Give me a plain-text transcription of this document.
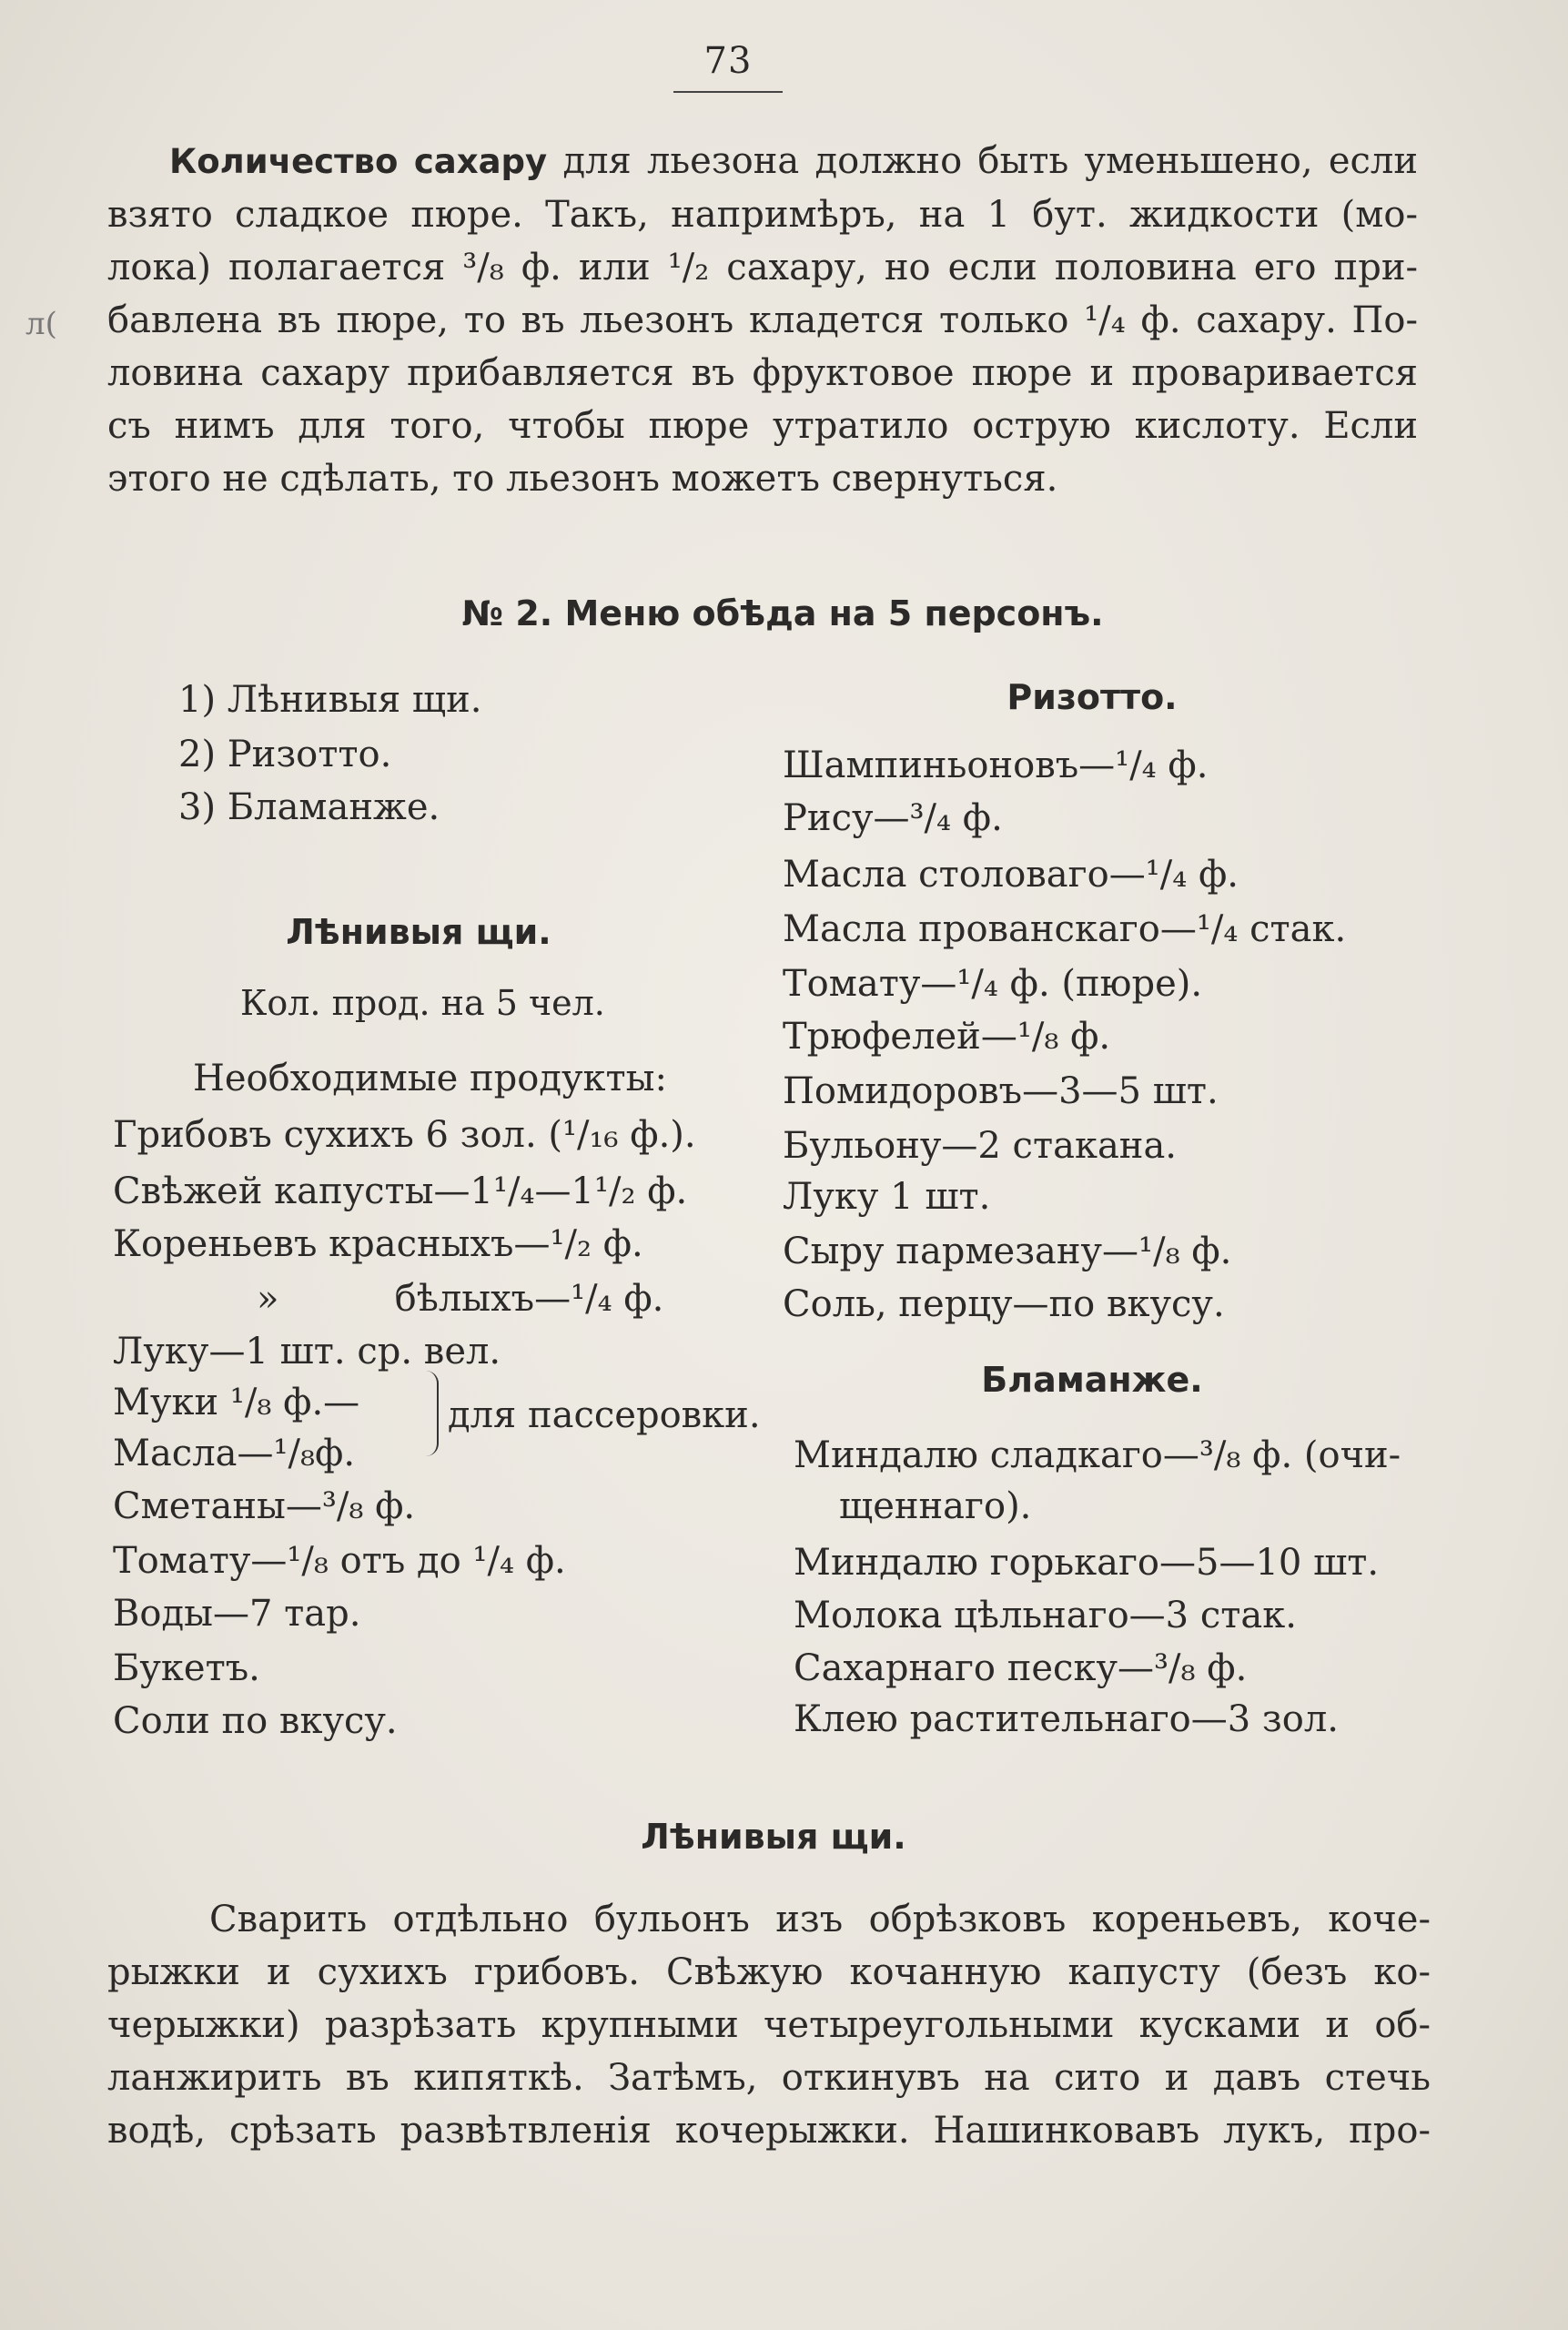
73
л(
Количество сахару для льезона должно быть уменьшено, если
взято сладкое пюре. Такъ, напримѣръ, на 1 бут. жидкости (мо-
лока) полагается ³/₈ ф. или ¹/₂ сахару, но если половина его при-
бавлена въ пюре, то въ льезонъ кладется только ¹/₄ ф. сахару. По-
ловина сахару прибавляется въ фруктовое пюре и проваривается
съ нимъ для того, чтобы пюре утратило острую кислоту. Если
этого не сдѣлать, то льезонъ можетъ свернуться.
№ 2. Меню обѣда на 5 персонъ.
1) Лѣнивыя щи.
2) Ризотто.
3) Бламанже.
Лѣнивыя щи.
Кол. прод. на 5 чел.
Необходимые продукты:
Грибовъ сухихъ 6 зол. (¹/₁₆ ф.).
Свѣжей капусты—1¹/₄—1¹/₂ ф.
Кореньевъ красныхъ—¹/₂ ф.
»          бѣлыхъ—¹/₄ ф.
Луку—1 шт. ср. вел.
Муки ¹/₈ ф.—
Масла—¹/₈ф.
для пассеровки.
Сметаны—³/₈ ф.
Томату—¹/₈ отъ до ¹/₄ ф.
Воды—7 тар.
Букетъ.
Соли по вкусу.
Ризотто.
Шампиньоновъ—¹/₄ ф.
Рису—³/₄ ф.
Масла столоваго—¹/₄ ф.
Масла прованскаго—¹/₄ стак.
Томату—¹/₄ ф. (пюре).
Трюфелей—¹/₈ ф.
Помидоровъ—3—5 шт.
Бульону—2 стакана.
Луку 1 шт.
Сыру пармезану—¹/₈ ф.
Соль, перцу—по вкусу.
Бламанже.
Миндалю сладкаго—³/₈ ф. (очи-
щеннаго).
Миндалю горькаго—5—10 шт.
Молока цѣльнаго—3 стак.
Сахарнаго песку—³/₈ ф.
Клею растительнаго—3 зол.
Лѣнивыя щи.
Сварить отдѣльно бульонъ изъ обрѣзковъ кореньевъ, коче-
рыжки и сухихъ грибовъ. Свѣжую кочанную капусту (безъ ко-
черыжки) разрѣзать крупными четыреугольными кусками и об-
ланжирить въ кипяткѣ. Затѣмъ, откинувъ на сито и давъ стечь
водѣ, срѣзать развѣтвленія кочерыжки. Нашинковавъ лукъ, про-
